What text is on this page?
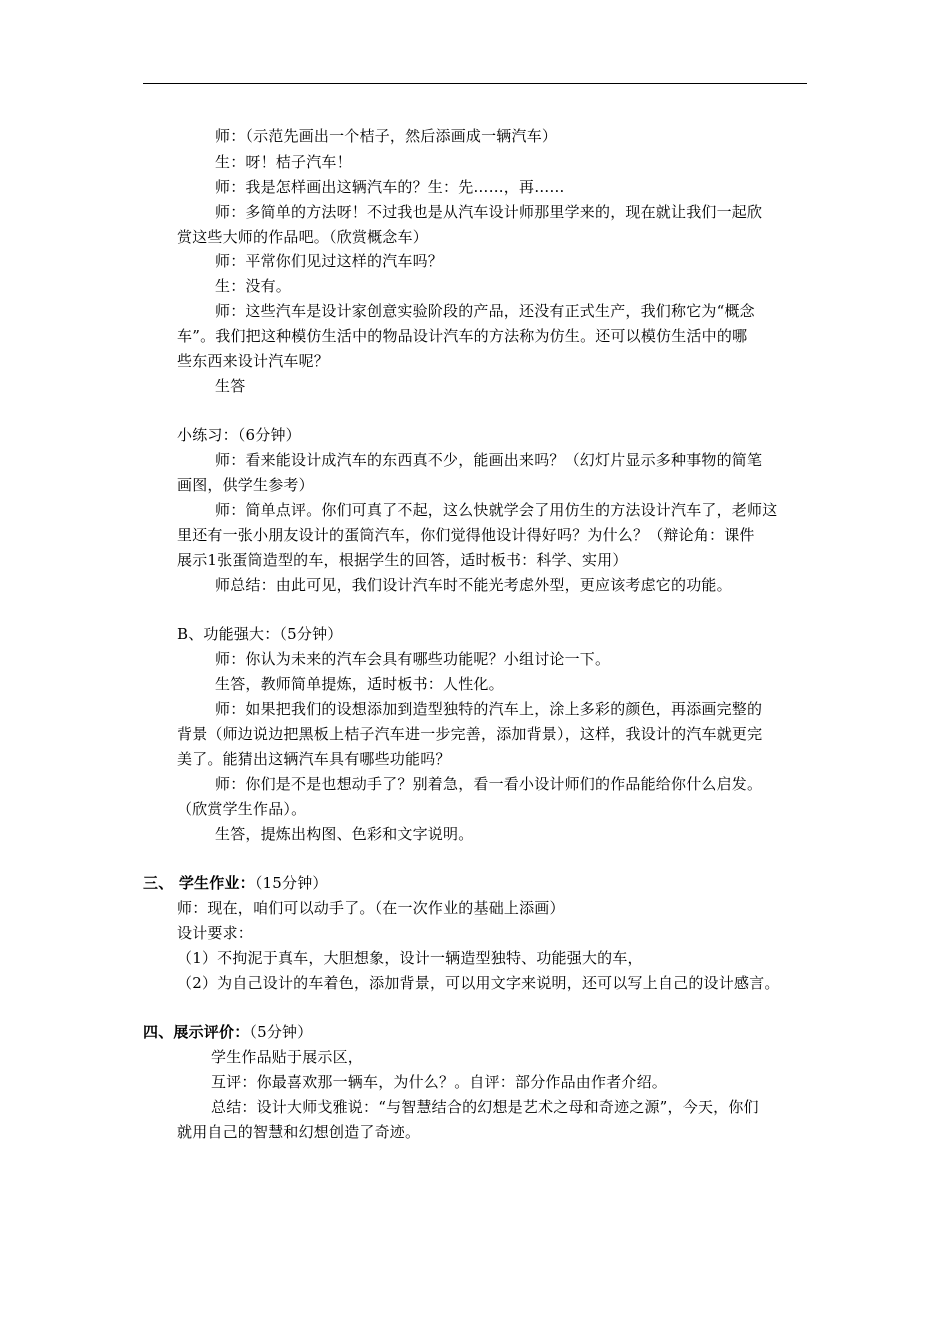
师：（示范先画出一个桔子，然后添画成一辆汽车）
生：呀！桔子汽车！
师：我是怎样画出这辆汽车的？生：先……，再……
师：多简单的方法呀！不过我也是从汽车设计师那里学来的，现在就让我们一起欣
赏这些大师的作品吧。（欣赏概念车）
师：平常你们见过这样的汽车吗？
生：没有。
师：这些汽车是设计家创意实验阶段的产品，还没有正式生产，我们称它为“概念
车”。我们把这种模仿生活中的物品设计汽车的方法称为仿生。还可以模仿生活中的哪
些东西来设计汽车呢？
生答
小练习：（6分钟）
师：看来能设计成汽车的东西真不少，能画出来吗？（幻灯片显示多种事物的简笔
画图，供学生参考）
师：简单点评。你们可真了不起，这么快就学会了用仿生的方法设计汽车了，老师这
里还有一张小朋友设计的蛋筒汽车，你们觉得他设计得好吗？为什么？（辩论角：课件
展示1张蛋筒造型的车，根据学生的回答，适时板书：科学、实用）
师总结：由此可见，我们设计汽车时不能光考虑外型，更应该考虑它的功能。
B、功能强大：（5分钟）
师：你认为未来的汽车会具有哪些功能呢？小组讨论一下。
生答，教师简单提炼，适时板书：人性化。
师：如果把我们的设想添加到造型独特的汽车上，涂上多彩的颜色，再添画完整的
背景（师边说边把黑板上桔子汽车进一步完善，添加背景），这样，我设计的汽车就更完
美了。能猜出这辆汽车具有哪些功能吗？
师：你们是不是也想动手了？别着急，看一看小设计师们的作品能给你什么启发。
（欣赏学生作品）。
生答，提炼出构图、色彩和文字说明。
三、 学生作业：（15分钟）
师：现在，咱们可以动手了。（在一次作业的基础上添画）
设计要求：
（1）不拘泥于真车，大胆想象，设计一辆造型独特、功能强大的车，
（2）为自己设计的车着色，添加背景，可以用文字来说明，还可以写上自己的设计感言。
四、展示评价：（5分钟）
学生作品贴于展示区，
互评：你最喜欢那一辆车，为什么？。自评：部分作品由作者介绍。
总结：设计大师戈雅说：“与智慧结合的幻想是艺术之母和奇迹之源”，今天，你们
就用自己的智慧和幻想创造了奇迹。
